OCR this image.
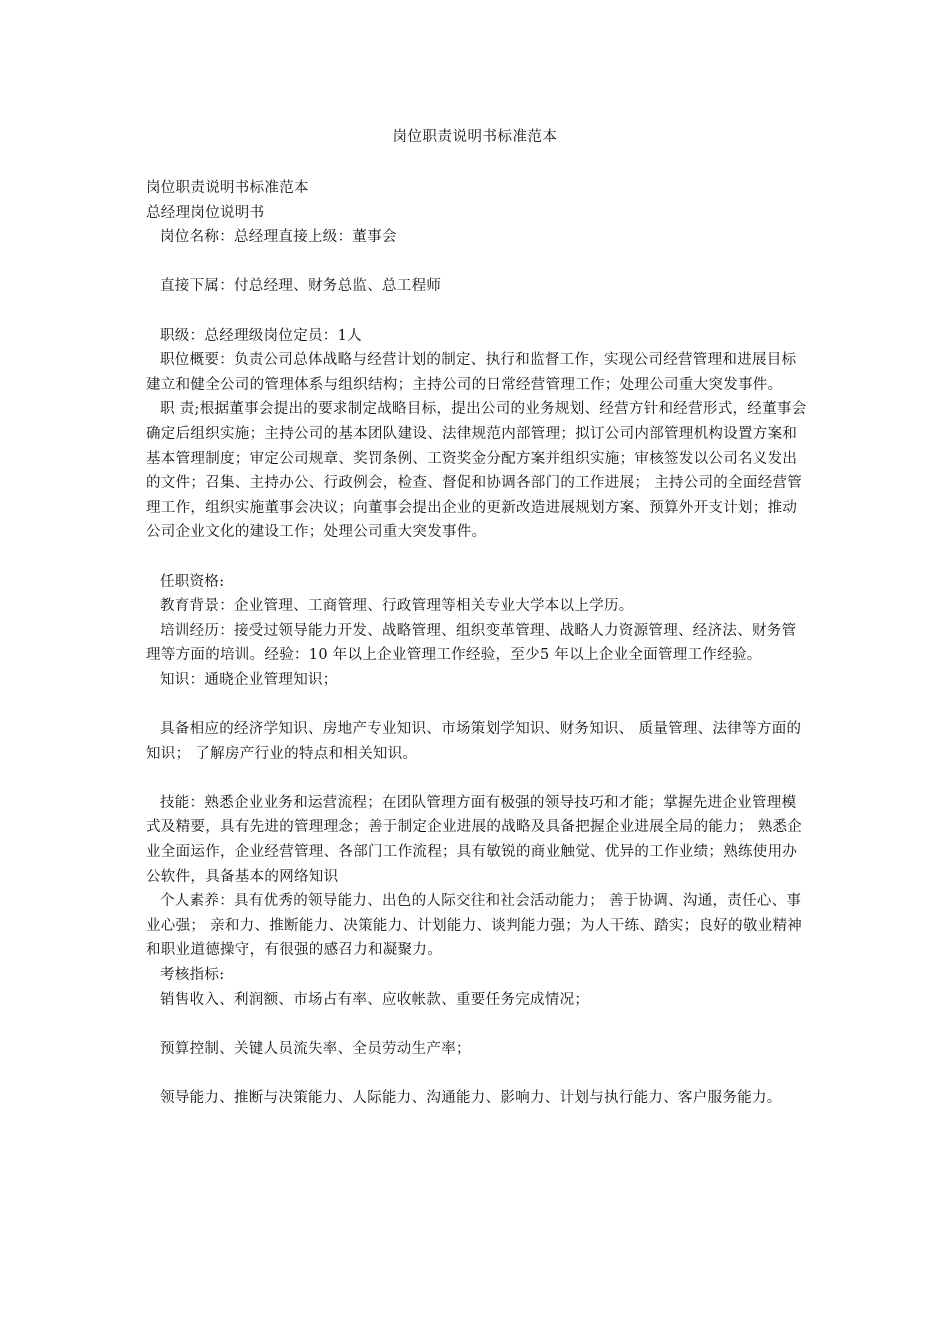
岗位职责说明书标准范本

岗位职责说明书标准范本

总经理岗位说明书

岗位名称：总经理直接上级：董事会

直接下属：付总经理、财务总监、总工程师

职级：总经理级岗位定员：1人

职位概要：负责公司总体战略与经营计划的制定、执行和监督工作，实现公司经营管理和进展目标建立和健全公司的管理体系与组织结构；主持公司的日常经营管理工作；处理公司重大突发事件。

职 责;根据董事会提出的要求制定战略目标，提出公司的业务规划、经营方针和经营形式，经董事会确定后组织实施；主持公司的基本团队建设、法律规范内部管理；拟订公司内部管理机构设置方案和基本管理制度；审定公司规章、奖罚条例、工资奖金分配方案并组织实施；审核签发以公司名义发出的文件；召集、主持办公、行政例会，检查、督促和协调各部门的工作进展； 主持公司的全面经营管理工作，组织实施董事会决议；向董事会提出企业的更新改造进展规划方案、预算外开支计划；推动公司企业文化的建设工作；处理公司重大突发事件。

任职资格:

教育背景：企业管理、工商管理、行政管理等相关专业大学本以上学历。

培训经历：接受过领导能力开发、战略管理、组织变革管理、战略人力资源管理、经济法、财务管理等方面的培训。经验：10 年以上企业管理工作经验，至少5 年以上企业全面管理工作经验。

知识：通晓企业管理知识；

具备相应的经济学知识、房地产专业知识、市场策划学知识、财务知识、 质量管理、法律等方面的知识； 了解房产行业的特点和相关知识。

技能：熟悉企业业务和运营流程；在团队管理方面有极强的领导技巧和才能；掌握先进企业管理模式及精要，具有先进的管理理念；善于制定企业进展的战略及具备把握企业进展全局的能力； 熟悉企业全面运作，企业经营管理、各部门工作流程；具有敏锐的商业触觉、优异的工作业绩；熟练使用办公软件，具备基本的网络知识

个人素养：具有优秀的领导能力、出色的人际交往和社会活动能力； 善于协调、沟通，责任心、事业心强； 亲和力、推断能力、决策能力、计划能力、谈判能力强；为人干练、踏实；良好的敬业精神和职业道德操守，有很强的感召力和凝聚力。

考核指标:

销售收入、利润额、市场占有率、应收帐款、重要任务完成情况；

预算控制、关键人员流失率、全员劳动生产率；

领导能力、推断与决策能力、人际能力、沟通能力、影响力、计划与执行能力、客户服务能力。
